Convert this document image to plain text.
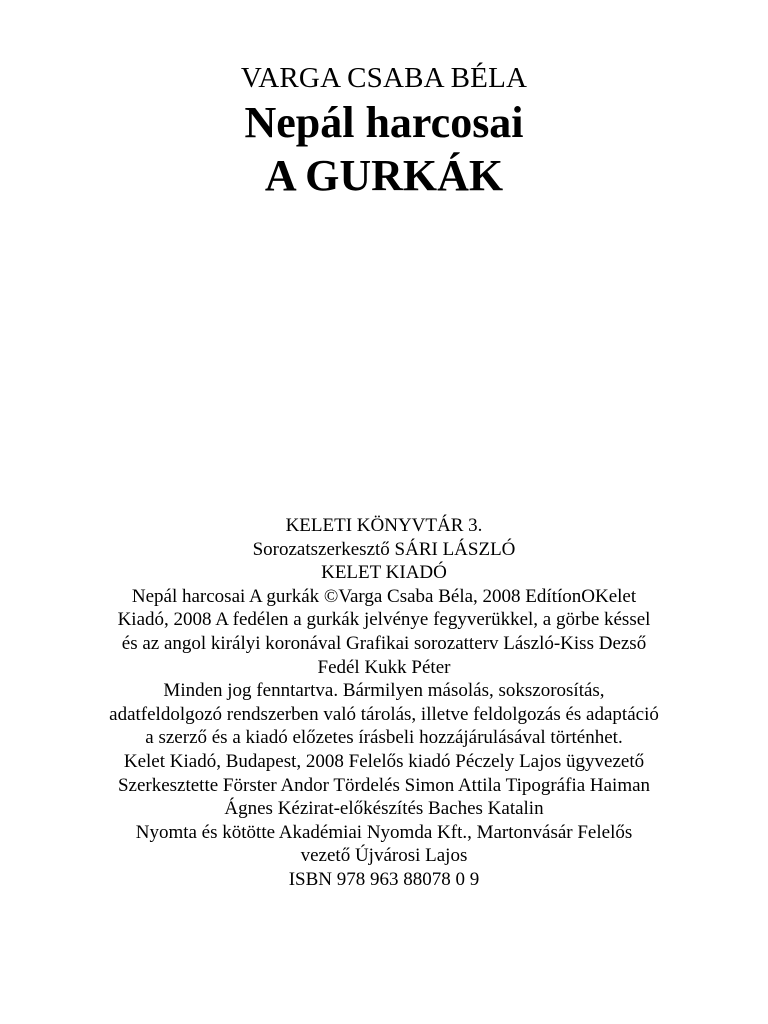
VARGA CSABA BÉLA
Nepál harcosai
A GURKÁK
KELETI KÖNYVTÁR 3.
Sorozatszerkesztő SÁRI LÁSZLÓ
KELET KIADÓ
Nepál harcosai A gurkák ©Varga Csaba Béla, 2008 EdítíonOKelet
Kiadó, 2008 A fedélen a gurkák jelvénye fegyverükkel, a görbe késsel
és az angol királyi koronával Grafikai sorozatterv László-Kiss Dezső
Fedél Kukk Péter
Minden jog fenntartva. Bármilyen másolás, sokszorosítás,
adatfeldolgozó rendszerben való tárolás, illetve feldolgozás és adaptáció
a szerző és a kiadó előzetes írásbeli hozzájárulásával történhet.
Kelet Kiadó, Budapest, 2008 Felelős kiadó Péczely Lajos ügyvezető
Szerkesztette Förster Andor Tördelés Simon Attila Tipográfia Haiman
Ágnes Kézirat-előkészítés Baches Katalin
Nyomta és kötötte Akadémiai Nyomda Kft., Martonvásár Felelős
vezető Újvárosi Lajos
ISBN 978 963 88078 0 9
